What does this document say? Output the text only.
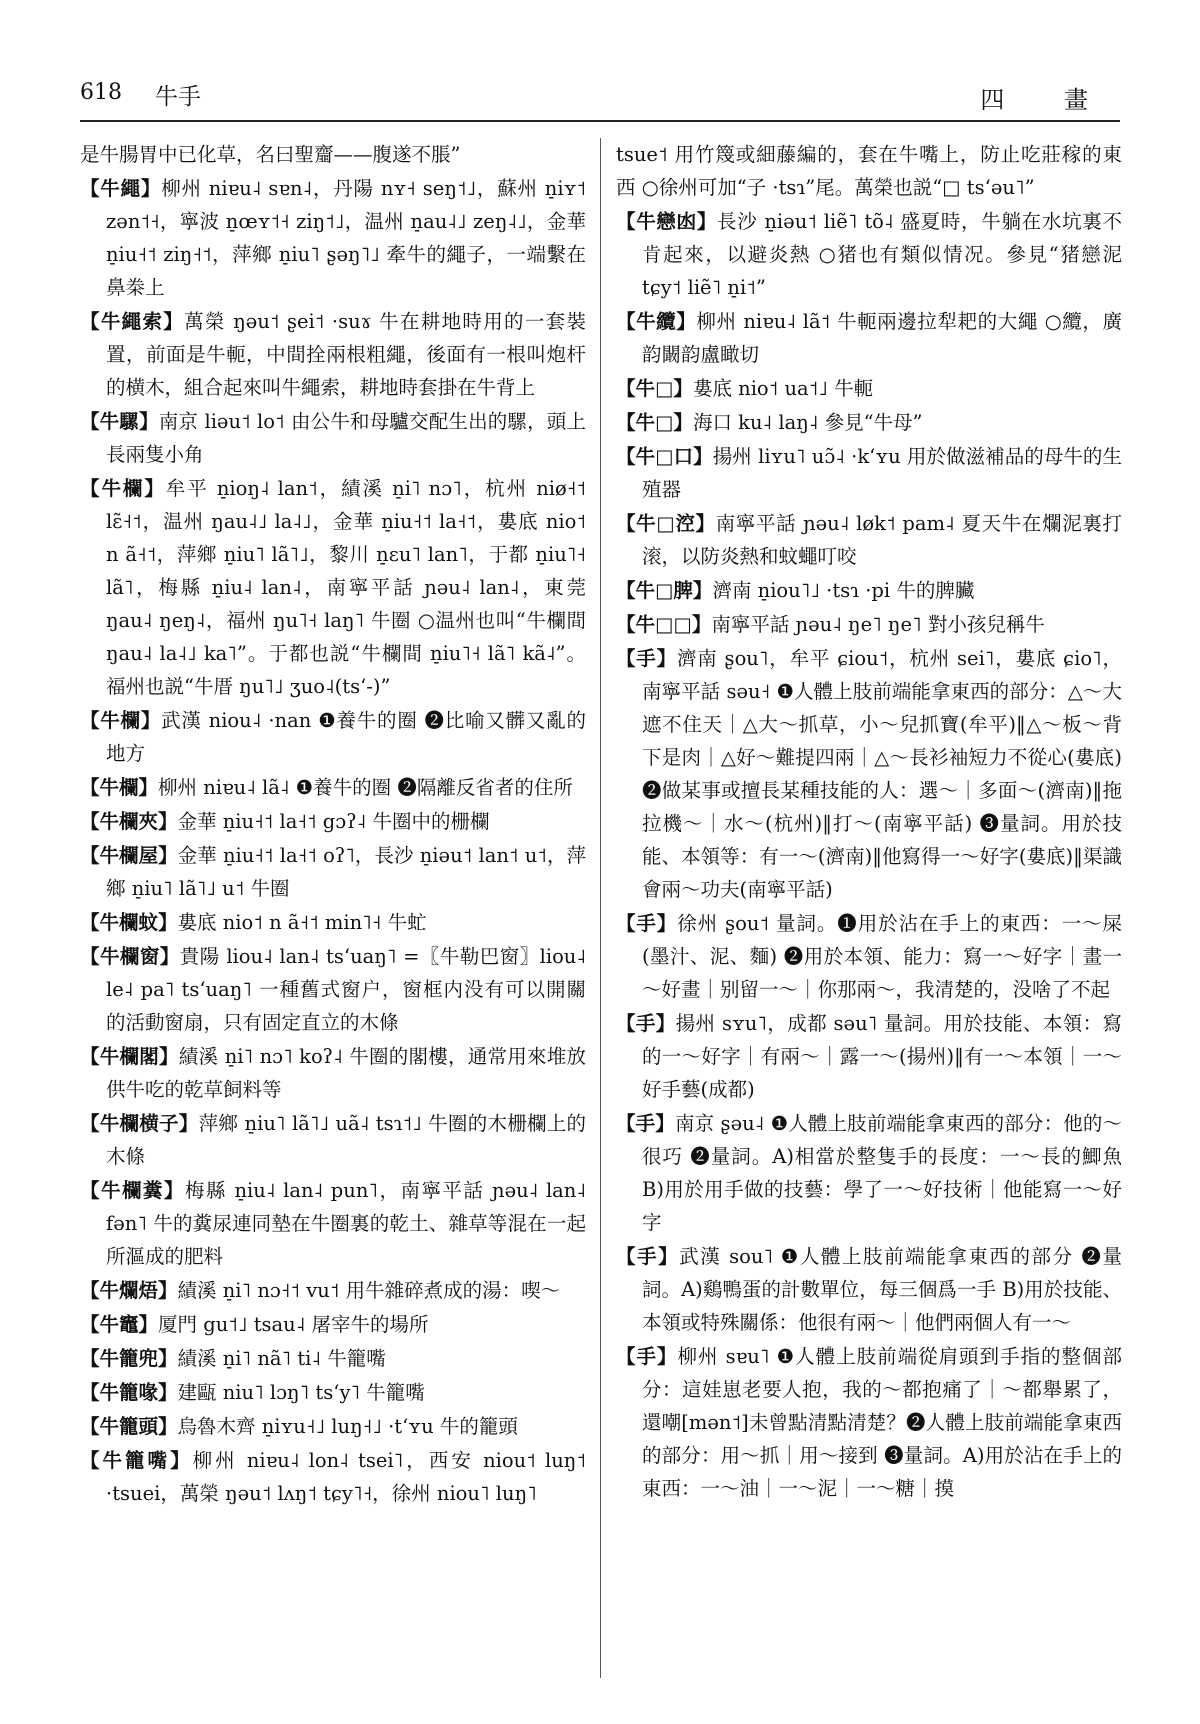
618 牛手	四 畫

是牛腸胃中已化草，名曰聖齏——腹遂不脹”

【牛繩】柳州 niɐu˨ sɐn˨，丹陽 nʏ˧ seŋ˦˩，蘇州 n̠iʏ˦ zən˦˧，寧波 n̠œʏ˦˧ ziŋ˦˩，温州 n̠au˨˩ zeŋ˨˩，金華 n̠iu˧˦ ziŋ˧˦，萍鄉 n̠iu˥ ʂəŋ˥˩ 牽牛的繩子，一端繫在鼻桊上

【牛繩索】萬榮 ŋəu˦ ʂei˦ ·suɤ 牛在耕地時用的一套裝置，前面是牛軛，中間拴兩根粗繩，後面有一根叫炮杆的横木，組合起來叫牛繩索，耕地時套掛在牛背上

【牛騾】南京 liəu˦ lo˦ 由公牛和母驢交配生出的騾，頭上長兩隻小角

【牛欄】牟平 n̠ioŋ˨ lan˦，績溪 n̠i˥ nɔ˥，杭州 niø˧˦ lɛ̃˧˦，温州 ŋau˨˩ la˨˩，金華 n̠iu˧˦ la˧˦，婁底 nio˦ n ã˧˦，萍鄉 n̠iu˥ lã˥˩，黎川 n̠ɛu˥ lan˥，于都 n̠iu˥˧ lã˥，梅縣 n̠iu˨ lan˨，南寧平話 ɲəu˨ lan˨，東莞 ŋau˨ ŋeŋ˨，福州 ŋu˥˧ laŋ˥ 牛圈 ○温州也叫“牛欄間 ŋau˨ la˨˩ ka˥”。于都也説“牛欄間 n̠iu˥˧ lã˥ kã˨”。福州也説“牛厝 ŋu˥˩ ʒuo˨(ts‘-)”

【牛欄】武漢 niou˨ ·nan ❶養牛的圈 ❷比喻又髒又亂的地方

【牛欄】柳州 niɐu˨ lã˨ ❶養牛的圈 ❷隔離反省者的住所

【牛欄夾】金華 n̠iu˧˦ la˧˦ gɔʔ˨ 牛圈中的栅欄

【牛欄屋】金華 n̠iu˧˦ la˧˦ oʔ˥，長沙 n̠iəu˦ lan˦ u˦，萍鄉 n̠iu˥ lã˥˩ u˦ 牛圈

【牛欄蚊】婁底 nio˦ n ã˧˦ min˥˧ 牛虻

【牛欄窗】貴陽 liou˨ lan˨ ts‘uaŋ˥ =〖牛勒巴窗〗liou˨ le˨ pa˥ ts‘uaŋ˥ 一種舊式窗户，窗框内没有可以開關的活動窗扇，只有固定直立的木條

【牛欄閣】績溪 n̠i˥ nɔ˥ koʔ˨ 牛圈的閣樓，通常用來堆放供牛吃的乾草飼料等

【牛欄横子】萍鄉 n̠iu˥ lã˥˩ uã˨ tsɿ˦˩ 牛圈的木栅欄上的木條

【牛欄糞】梅縣 n̠iu˨ lan˨ pun˥，南寧平話 ɲəu˨ lan˨ fən˥ 牛的糞尿連同墊在牛圈裏的乾土、雜草等混在一起所漚成的肥料

【牛爛焐】績溪 n̠i˥ nɔ˧˦ vu˦ 用牛雜碎煮成的湯：喫～

【牛竈】厦門 gu˦˩ tsau˨ 屠宰牛的場所

【牛籠兜】績溪 n̠i˥ nã˥ ti˨ 牛籠嘴

【牛籠喙】建甌 niu˥ lɔŋ˥ ts‘y˥ 牛籠嘴

【牛籠頭】烏魯木齊 n̠iʏu˧˩ luŋ˧˩ ·t‘ʏu 牛的籠頭

【牛籠嘴】柳州 niɐu˨ lon˨ tsei˥，西安 niou˦ luŋ˦ ·tsuei，萬榮 ŋəu˦ lʌŋ˦ tɕy˥˧，徐州 niou˥ luŋ˥

tsue˦ 用竹篾或細藤編的，套在牛嘴上，防止吃莊稼的東西 ○徐州可加“子 ·tsɿ”尾。萬榮也説“□ ts‘əu˥”

【牛戀凼】長沙 n̠iəu˦ liẽ˥ tõ˨ 盛夏時，牛躺在水坑裏不肯起來，以避炎熱 ○猪也有類似情况。參見“猪戀泥 tɕy˦ liẽ˥ n̠i˦”

【牛纜】柳州 niɐu˨ lã˦ 牛軛兩邊拉犁耙的大繩 ○纜，廣韵闞韵盧瞰切

【牛□】婁底 nio˦ ua˦˩ 牛軛

【牛□】海口 ku˨ laŋ˨ 參見“牛母”

【牛□口】揚州 liʏu˥ uɔ̃˨ ·k‘ʏu 用於做滋補品的母牛的生殖器

【牛□涳】南寧平話 ɲəu˨ løk˦ pam˨ 夏天牛在爛泥裏打滚，以防炎熱和蚊蠅叮咬

【牛□脾】濟南 n̠iou˥˩ ·tsɿ ·pi 牛的脾臟

【牛□□】南寧平話 ɲəu˨ ŋe˥ ŋe˥ 對小孩兒稱牛

【手】濟南 ʂou˥，牟平 ɕiou˦，杭州 sei˥，婁底 ɕio˥，南寧平話 səu˧ ❶人體上肢前端能拿東西的部分：△～大遮不住天｜△大～抓草，小～兒抓寶(牟平)‖△～板～背下是肉｜△好～難提四兩｜△～長衫袖短力不從心(婁底) ❷做某事或擅長某種技能的人：選～｜多面～(濟南)‖拖拉機～｜水～(杭州)‖打～(南寧平話) ❸量詞。用於技能、本領等：有一～(濟南)‖他寫得一～好字(婁底)‖渠識會兩～功夫(南寧平話)

【手】徐州 ʂou˦ 量詞。❶用於沾在手上的東西：一～屎(墨汁、泥、麵) ❷用於本領、能力：寫一～好字｜畫一～好畫｜别留一～｜你那兩～，我清楚的，没啥了不起

【手】揚州 sʏu˥，成都 səu˥ 量詞。用於技能、本領：寫的一～好字｜有兩～｜露一～(揚州)‖有一～本領｜一～好手藝(成都)

【手】南京 ʂəu˨ ❶人體上肢前端能拿東西的部分：他的～很巧 ❷量詞。A)相當於整隻手的長度：一～長的鯽魚 B)用於用手做的技藝：學了一～好技術｜他能寫一～好字

【手】武漢 sou˥ ❶人體上肢前端能拿東西的部分 ❷量詞。A)鷄鴨蛋的計數單位，每三個爲一手 B)用於技能、本領或特殊關係：他很有兩～｜他們兩個人有一～

【手】柳州 sɐu˥ ❶人體上肢前端從肩頭到手指的整個部分：這娃崽老要人抱，我的～都抱痛了｜～都舉累了，還嘲[mən˦]未曾點清點清楚？❷人體上肢前端能拿東西的部分：用～抓｜用～接到 ❸量詞。A)用於沾在手上的東西：一～油｜一～泥｜一～糖｜摸
